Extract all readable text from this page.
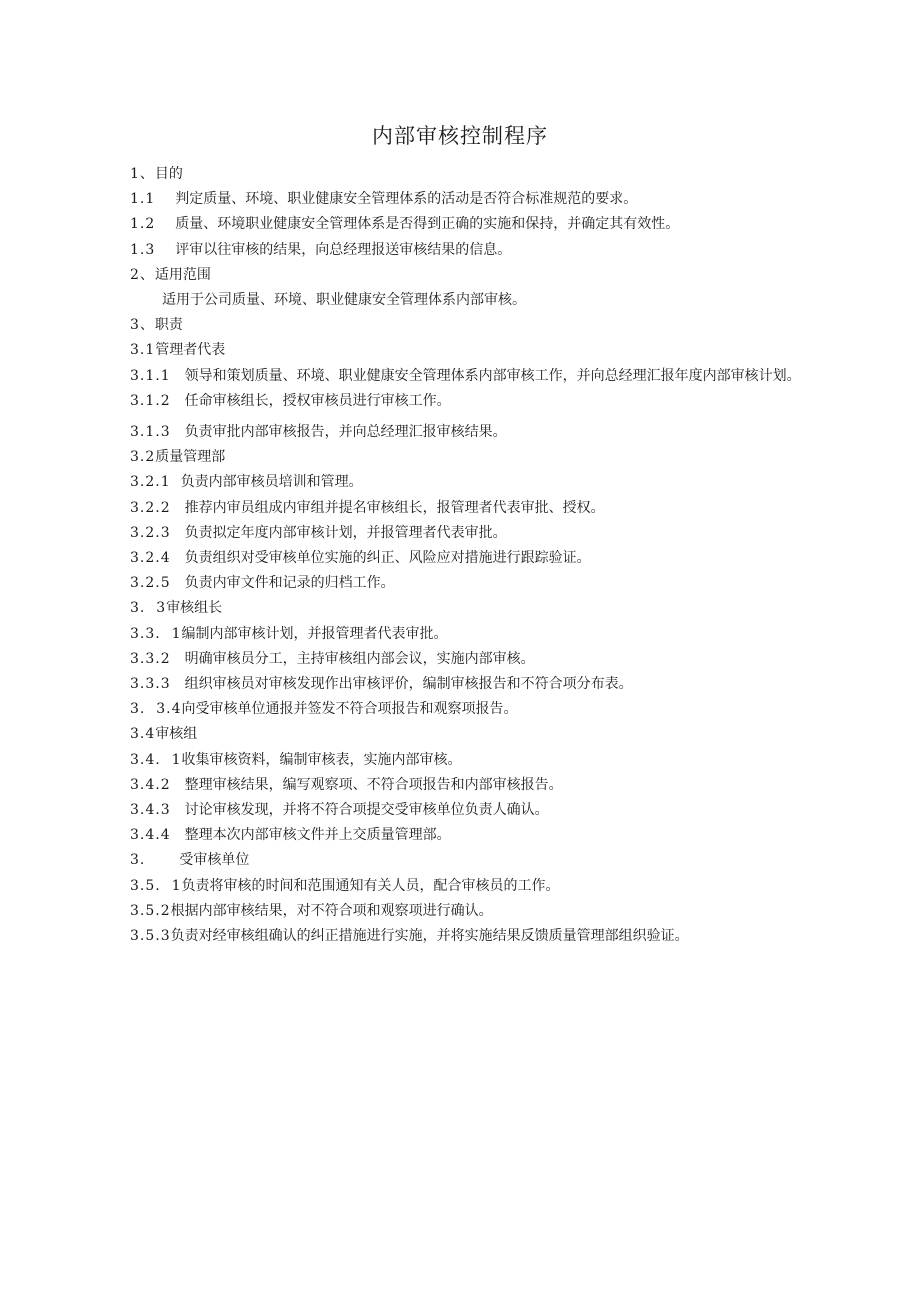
内部审核控制程序
1、 目的
1.1 判定质量、环境、职业健康安全管理体系的活动是否符合标准规范的要求。
1.2 质量、环境职业健康安全管理体系是否得到正确的实施和保持，并确定其有效性。
1.3 评审以往审核的结果，向总经理报送审核结果的信息。
2、 适用范围
适用于公司质量、环境、职业健康安全管理体系内部审核。
3、 职责
3.1 管理者代表
3.1.1 领导和策划质量、环境、职业健康安全管理体系内部审核工作，并向总经理汇报年度内部审核计划。
3.1.2 任命审核组长，授权审核员进行审核工作。
3.1.3 负责审批内部审核报告，并向总经理汇报审核结果。
3.2 质量管理部
3.2.1 负责内部审核员培训和管理。
3.2.2 推荐内审员组成内审组并提名审核组长，报管理者代表审批、授权。
3.2.3 负责拟定年度内部审核计划，并报管理者代表审批。
3.2.4 负责组织对受审核单位实施的纠正、风险应对措施进行跟踪验证。
3.2.5 负责内审文件和记录的归档工作。
3.  3 审核组长
3.3.  1 编制内部审核计划，并报管理者代表审批。
3.3.2 明确审核员分工，主持审核组内部会议，实施内部审核。
3.3.3 组织审核员对审核发现作出审核评价，编制审核报告和不符合项分布表。
3.  3.4 向受审核单位通报并签发不符合项报告和观察项报告。
3.4 审核组
3.4.  1 收集审核资料，编制审核表，实施内部审核。
3.4.2 整理审核结果，编写观察项、不符合项报告和内部审核报告。
3.4.3 讨论审核发现，并将不符合项提交受审核单位负责人确认。
3.4.4 整理本次内部审核文件并上交质量管理部。
3. 受审核单位
3.5.  1 负责将审核的时间和范围通知有关人员，配合审核员的工作。
3.5.2 根据内部审核结果，对不符合项和观察项进行确认。
3.5.3 负责对经审核组确认的纠正措施进行实施，并将实施结果反馈质量管理部组织验证。
